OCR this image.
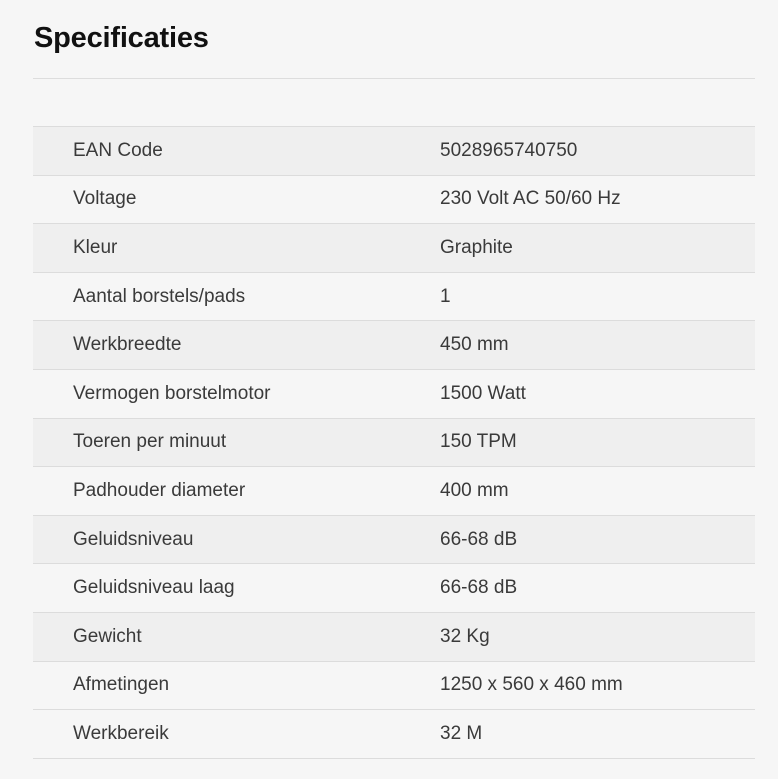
Specificaties
EAN Code	5028965740750
Voltage	230 Volt AC 50/60 Hz
Kleur	Graphite
Aantal borstels/pads	1
Werkbreedte	450 mm
Vermogen borstelmotor	1500 Watt
Toeren per minuut	150 TPM
Padhouder diameter	400 mm
Geluidsniveau	66-68 dB
Geluidsniveau laag	66-68 dB
Gewicht	32 Kg
Afmetingen	1250 x 560 x 460 mm
Werkbereik	32 M
